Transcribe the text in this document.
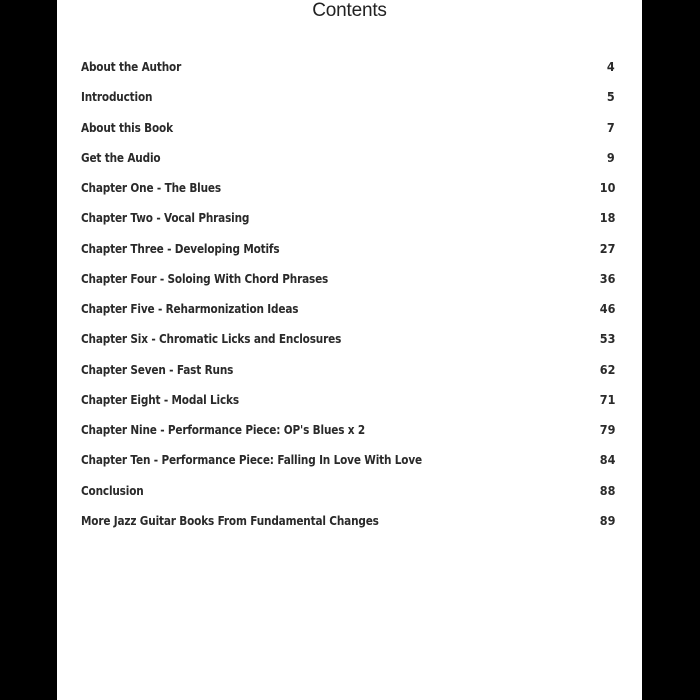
Contents
About the Author	4
Introduction	5
About this Book	7
Get the Audio	9
Chapter One - The Blues	10
Chapter Two - Vocal Phrasing	18
Chapter Three - Developing Motifs	27
Chapter Four - Soloing With Chord Phrases	36
Chapter Five - Reharmonization Ideas	46
Chapter Six - Chromatic Licks and Enclosures	53
Chapter Seven - Fast Runs	62
Chapter Eight - Modal Licks	71
Chapter Nine - Performance Piece: OP's Blues x 2	79
Chapter Ten - Performance Piece: Falling In Love With Love	84
Conclusion	88
More Jazz Guitar Books From Fundamental Changes	89
